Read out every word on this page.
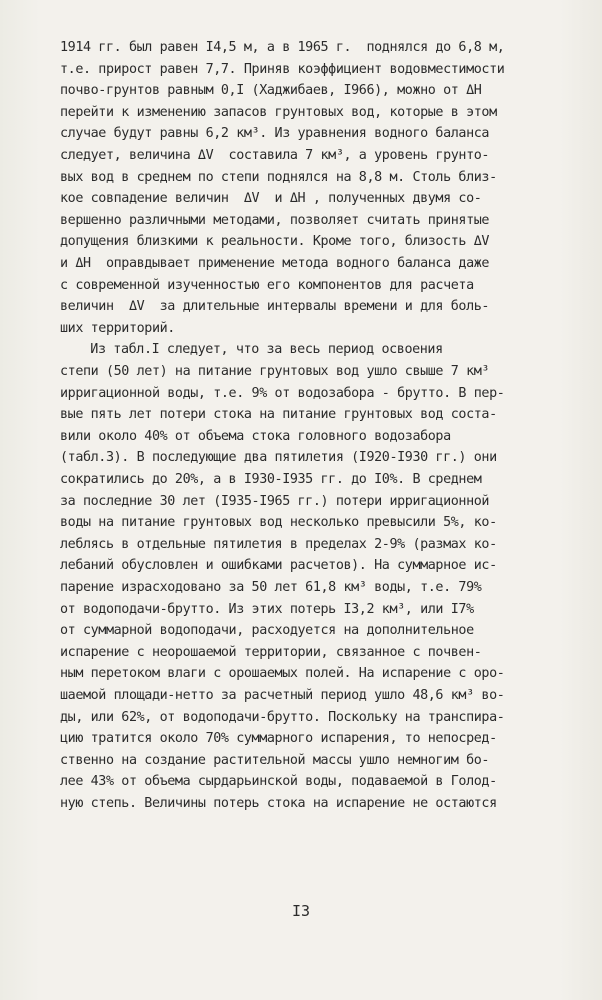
1914 гг. был равен I4,5 м, а в 1965 г.  поднялся до 6,8 м,
т.е. прирост равен 7,7. Приняв коэффициент водовместимости
почво-грунтов равным 0,I (Хаджибаев, I966), можно от ΔH
перейти к изменению запасов грунтовых вод, которые в этом
случае будут равны 6,2 км³. Из уравнения водного баланса
следует, величина ΔV  составила 7 км³, а уровень грунто-
вых вод в среднем по степи поднялся на 8,8 м. Столь близ-
кое совпадение величин  ΔV  и ΔH , полученных двумя со-
вершенно различными методами, позволяет считать принятые
допущения близкими к реальности. Кроме того, близость ΔV
и ΔH  оправдывает применение метода водного баланса даже
с современной изученностью его компонентов для расчета
величин  ΔV  за длительные интервалы времени и для боль-
ших территорий.
Из табл.I следует, что за весь период освоения
степи (50 лет) на питание грунтовых вод ушло свыше 7 км³
ирригационной воды, т.е. 9% от водозабора - брутто. В пер-
вые пять лет потери стока на питание грунтовых вод соста-
вили около 40% от объема стока головного водозабора
(табл.3). В последующие два пятилетия (I920-I930 гг.) они
сократились до 20%, а в I930-I935 гг. до I0%. В среднем
за последние 30 лет (I935-I965 гг.) потери ирригационной
воды на питание грунтовых вод несколько превысили 5%, ко-
леблясь в отдельные пятилетия в пределах 2-9% (размах ко-
лебаний обусловлен и ошибками расчетов). На суммарное ис-
парение израсходовано за 50 лет 61,8 км³ воды, т.е. 79%
от водоподачи-брутто. Из этих потерь I3,2 км³, или I7%
от суммарной водоподачи, расходуется на дополнительное
испарение с неорошаемой территории, связанное с почвен-
ным перетоком влаги с орошаемых полей. На испарение с оро-
шаемой площади-нетто за расчетный период ушло 48,6 км³ во-
ды, или 62%, от водоподачи-брутто. Поскольку на транспира-
цию тратится около 70% суммарного испарения, то непосред-
ственно на создание растительной массы ушло немногим бо-
лее 43% от объема сырдарьинской воды, подаваемой в Голод-
ную степь. Величины потерь стока на испарение не остаются
I3
